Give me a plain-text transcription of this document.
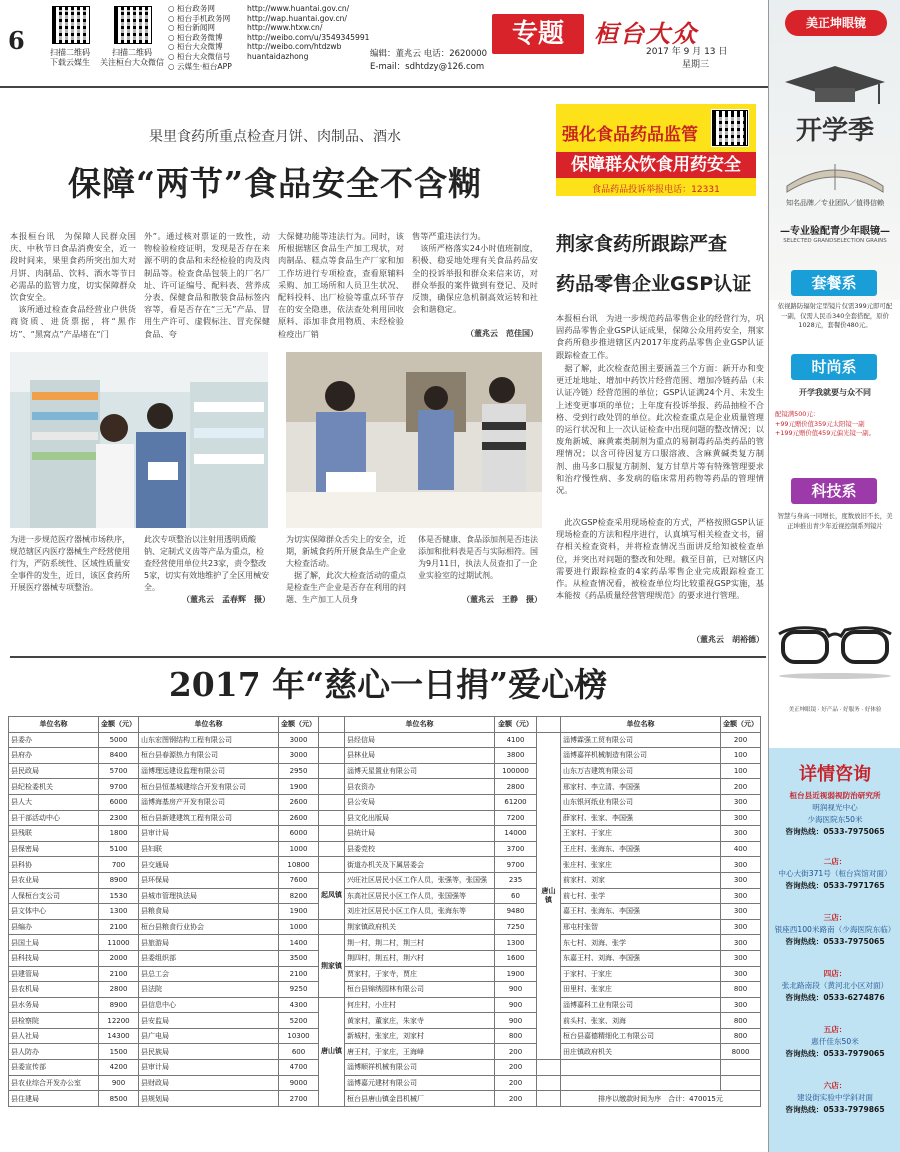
6	扫描二维码
下载云媒生
扫描二维码
关注桓台大众微信
○ 桓台政务网	http://www.huantai.gov.cn/
○ 桓台手机政务网 http://wap.huantai.gov.cn/
○ 桓台新闻网	http://www.htxw.cn/
○ 桓台政务微博	http://weibo.com/u/3549345991
○ 桓台大众微博	http://weibo.com/htdzwb
○ 桓台大众微信号 huantaidazhong
○ 云媒生·桓台APP
编辑：董兆云 电话：2620000
E-mail：sdhtdzy@126.com
专题	桓台大众
2017 年 9 月 13 日
星期三
果里食药所重点检查月饼、肉制品、酒水
保障“两节”食品安全不含糊
本报桓台讯　为保障人民群众国庆、中秋节日食品消费安全，近一段时间来，果里食药所突出加大对月饼、肉制品、饮料、酒水等节日必需品的监管力度，切实保障群众饮食安全。
　该所通过检查食品经营业户供货商资质、进货票据，将“黑作坊”、“黑窝点”产品堵在“门
外”。通过核对票证的一致性，动物检验检疫证明，发现是否存在来源不明的食品和未经检验的肉及肉制品等。检查食品包装上的厂名厂址、许可证编号、配料表、营养成分表、保健食品和散装食品标签内容等，看是否存在“三无”产品、冒用生产许可、虚假标注、冒充保健食品、夸
大保健功能等违法行为。同时，该所根据辖区食品生产加工现状，对肉制品、糕点等食品生产厂家和加工作坊进行专项检查，查看原辅料采购、加工场所和人员卫生状况、配料投料、出厂检验等重点环节存在的安全隐患，依法查处利用回收原料、添加非食用物质、未经检验检疫出厂销
售等严重违法行为。
　该所严格落实24小时值班制度，积极、稳妥地处理有关食品药品安全的投诉举报和群众来信来访，对群众举报的案件做到有登记、及时反馈，确保应急机制高效运转和社会和谐稳定。
（董兆云　范佳国）
为进一步规范医疗器械市场秩序，规范辖区内医疗器械生产经营使用行为，严防系统性、区域性质量安全事件的发生，近日，该区食药所开展医疗器械专项整治。
此次专项整治以注射用透明质酸钠、定制式义齿等产品为重点，检查经营使用单位共23家，责令整改5家，切实有效地维护了全区用械安全。
（董兆云　孟春辉　摄）
为切实保障群众舌尖上的安全，近期，新城食药所开展食品生产企业大检查活动。
　据了解，此次大检查活动的重点是检查生产企业是否存在利用的问题、生产加工人员身
体是否健康、食品添加剂是否违法添加和批料表是否与实际相符。国为9月11日，执法人员查扣了一企业实验室的过期试剂。
（董兆云　王静　摄）
强化食品药品监管
保障群众饮食用药安全
食品药品投诉举报电话：12331
荆家食药所跟踪严查
药品零售企业GSP认证
本报桓台讯　为进一步规范药品零售企业的经营行为，巩固药品零售企业GSP认证成果，保障公众用药安全，荆家食药所稳步推进辖区内2017年度药品零售企业GSP认证跟踪检查工作。
　据了解，此次检查范围主要涵盖三个方面：新开办和变更迁址地址、增加中药饮片经营范围、增加冷链药品（未认证冷链）经营范围的单位；GSP认证满24个月、未发生上述变更事项的单位；上年度有投诉举报、药品抽检不合格、受到行政处罚的单位。此次检查重点是企业质量管理的运行状况和上一次认证检查中出现问题的整改情况；以废角新城、麻黄素类制剂为重点的易制毒药品类药品的管理情况；以含可待因复方口服溶液、含麻黄碱类复方制剂、曲马多口服复方制剂、复方甘草片等有特殊管理要求和治疗慢性病、多发病的临床常用药物等药品的管理情况。
　此次GSP检查采用现场检查的方式，严格按照GSP认证现场检查的方法和程序进行，认真填写相关检查文书，留存相关检查资料，并将检查情况当面讲反给知被检查单位，并突出对问题的整改和处理。截至目前，已对辖区内需要进行跟踪检查的4家药品零售企业完成跟踪检查工作。从检查情况看，被检查单位均比较重视GSP实施，基本能按《药品质量经营管理规范》的要求进行管理。
（董兆云　胡裕德）
2017 年“慈心一日捐”爱心榜
单位名称	金额（元）	单位名称	金额（元）		单位名称	金额（元）		单位名称	金额（元）
县委办	5000	山东宏图钢结构工程有限公司	3000		县经信局	4100	唐山镇	淄博霖强工贸有限公司	200
县府办	8400	桓台县春源热力有限公司	3000		县林业局	3800		淄博嘉祥机械制造有限公司	100
县民政局	5700	淄博理远建设监理有限公司	2950		淄博天星置业有限公司	100000		山东万吉建筑有限公司	100
县纪检委机关	9700	桓台县恒基城建综合开发有限公司	1900		县农资办	2800		邢家村、李立清、李国强	200
县人大	6000	淄博海基房产开发有限公司	2600		县公安局	61200		山东银河纸业有限公司	300
县干部活动中心	2300	桓台县新建建筑工程有限公司	2600		县文化出版局	7200		薛家村、张家、李国强	300
县残联	1800	县审计局	6000		县统计局	14000		王家村、于家庄	300
县保密局	5100	县妇联	1000		县委党校	3700		王庄村、张海东、李国强	400
县科协	700	县交通局	10800		街道办机关及下属居委会	9700		张庄村、张家庄	300
县农业局	8900	县环保局	7600	起凤镇	兴旺社区居民小区工作人员，张强等，张国强	235		前家村、刘家	300
人保桓台支公司	1530	县城市管理执法局	8200		东高社区居民小区工作人员，张国强等	60		前七村、张学	300
县文体中心	1300	县粮食局	1900		刘庄社区居民小区工作人员，张海东等	9480		嘉王村、张海东、李国强	300
县编办	2100	桓台县粮食行业协会	1000		荆家镇政府机关	7250		邢屯村张智	300
县国土局	11000	县旅游局	1400	荆家镇	荆一村，荆二村，荆三村	1300		东七村、刘海、张学	300
县科技局	2000	县委组织部	3500		荆四村，荆五村，荆六村	1600		东嘉王村、刘海、李国强	300
县建管局	2100	县总工会	2100		贾家村，于家寺，贾庄	1900		于家村、于家庄	300
县农机局	2800	县法院	9250		桓台县锦绣园林有限公司	900		田里村、张家庄	800
县水务局	8900	县信息中心	4300	唐山镇	何庄村，小庄村	900		淄博嘉科工业有限公司	300
县检察院	12200	县安监局	5200		黄家村，董家庄，朱家寺	900		前头村、张家、刘海	800
县人社局	14300	县广电局	10300		新城村，张家庄，刘家村	800		桓台县嘉德精细化工有限公司	800
县人防办	1500	县民族局	600		唐王村，于家庄，王海峰	200		田庄镇政府机关	8000
县委宣传部	4200	县审计局	4700		淄博顺祥机械有限公司	200			
县农业综合开发办公室	900	县财政局	9000		淄博嘉元建材有限公司	200			
县住建局	8500	县规划局	2700		桓台县唐山镇金昌机械厂	200		排序以缴款时间为序　合计：470015元	
美正坤眼镜
开学季
知名品牌／专业团队／值得信赖
—专业验配青少年眼镜—
SELECTED GRANDSELECTION GRAINS
套餐系
依视路防辐射定型镜片仅需399元即可配一副，仅需人民币340全套搭配，原价1028元，套餐价480元。
时尚系
开学我就要与众不同
配镜满500元：
+99元赠价值359元太阳镜一副
+199元赠价值459元偏光镜一副。
科技系
智慧与身高一同增长，度数放旧不长，美正坤推出青少年近视控制系列镜片
美正坤眼镜 · 好产品 · 好服务 · 好体验
详情咨询
桓台县近视弱视防治研究所
明润视光中心
少海医院东50米
咨询热线：0533-7975065
二店：
中心大街371号（桓台宾馆对面）
咨询热线：0533-7971765
三店：
银座西100米路南（少海医院东临）
咨询热线：0533-7975065
四店：
张北路南段（黄河北小区对面）
咨询热线：0533-6274876
五店：
惠仟佳东50米
咨询热线：0533-7979065
六店：
建设街实验中学斜对面
咨询热线：0533-7979865
